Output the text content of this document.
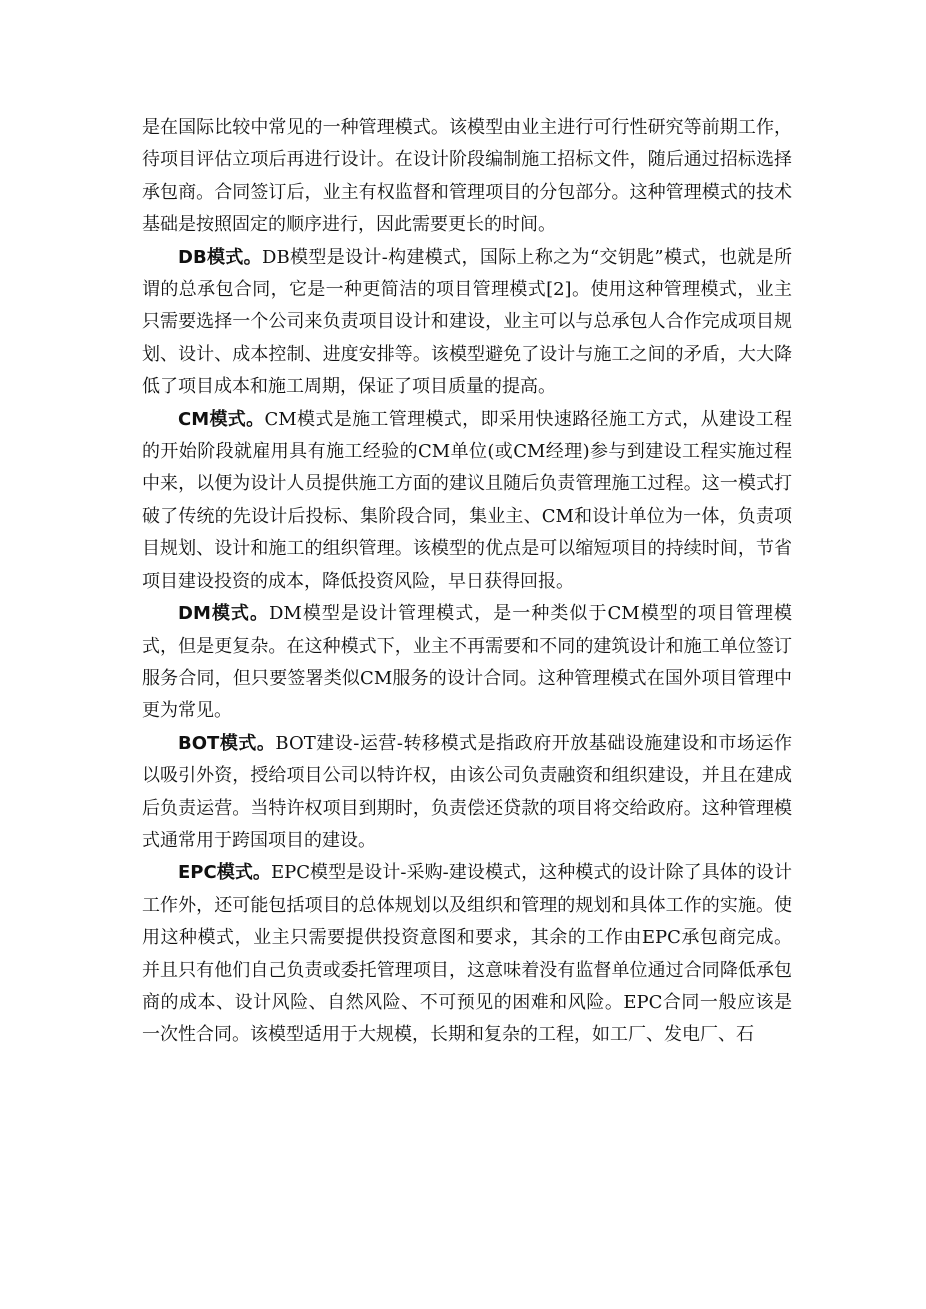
是在国际比较中常见的一种管理模式。该模型由业主进行可行性研究等前期工作，待项目评估立项后再进行设计。在设计阶段编制施工招标文件，随后通过招标选择承包商。合同签订后，业主有权监督和管理项目的分包部分。这种管理模式的技术基础是按照固定的顺序进行，因此需要更长的时间。

DB模式。DB模型是设计-构建模式，国际上称之为“交钥匙”模式，也就是所谓的总承包合同，它是一种更简洁的项目管理模式[2]。使用这种管理模式，业主只需要选择一个公司来负责项目设计和建设，业主可以与总承包人合作完成项目规划、设计、成本控制、进度安排等。该模型避免了设计与施工之间的矛盾，大大降低了项目成本和施工周期，保证了项目质量的提高。

CM模式。CM模式是施工管理模式，即采用快速路径施工方式，从建设工程的开始阶段就雇用具有施工经验的CM单位(或CM经理)参与到建设工程实施过程中来，以便为设计人员提供施工方面的建议且随后负责管理施工过程。这一模式打破了传统的先设计后投标、集阶段合同，集业主、CM和设计单位为一体，负责项目规划、设计和施工的组织管理。该模型的优点是可以缩短项目的持续时间，节省项目建设投资的成本，降低投资风险，早日获得回报。

DM模式。DM模型是设计管理模式，是一种类似于CM模型的项目管理模式，但是更复杂。在这种模式下，业主不再需要和不同的建筑设计和施工单位签订服务合同，但只要签署类似CM服务的设计合同。这种管理模式在国外项目管理中更为常见。

BOT模式。BOT建设-运营-转移模式是指政府开放基础设施建设和市场运作以吸引外资，授给项目公司以特许权，由该公司负责融资和组织建设，并且在建成后负责运营。当特许权项目到期时，负责偿还贷款的项目将交给政府。这种管理模式通常用于跨国项目的建设。

EPC模式。EPC模型是设计-采购-建设模式，这种模式的设计除了具体的设计工作外，还可能包括项目的总体规划以及组织和管理的规划和具体工作的实施。使用这种模式，业主只需要提供投资意图和要求，其余的工作由EPC承包商完成。并且只有他们自己负责或委托管理项目，这意味着没有监督单位通过合同降低承包商的成本、设计风险、自然风险、不可预见的困难和风险。EPC合同一般应该是一次性合同。该模型适用于大规模，长期和复杂的工程，如工厂、发电厂、石
